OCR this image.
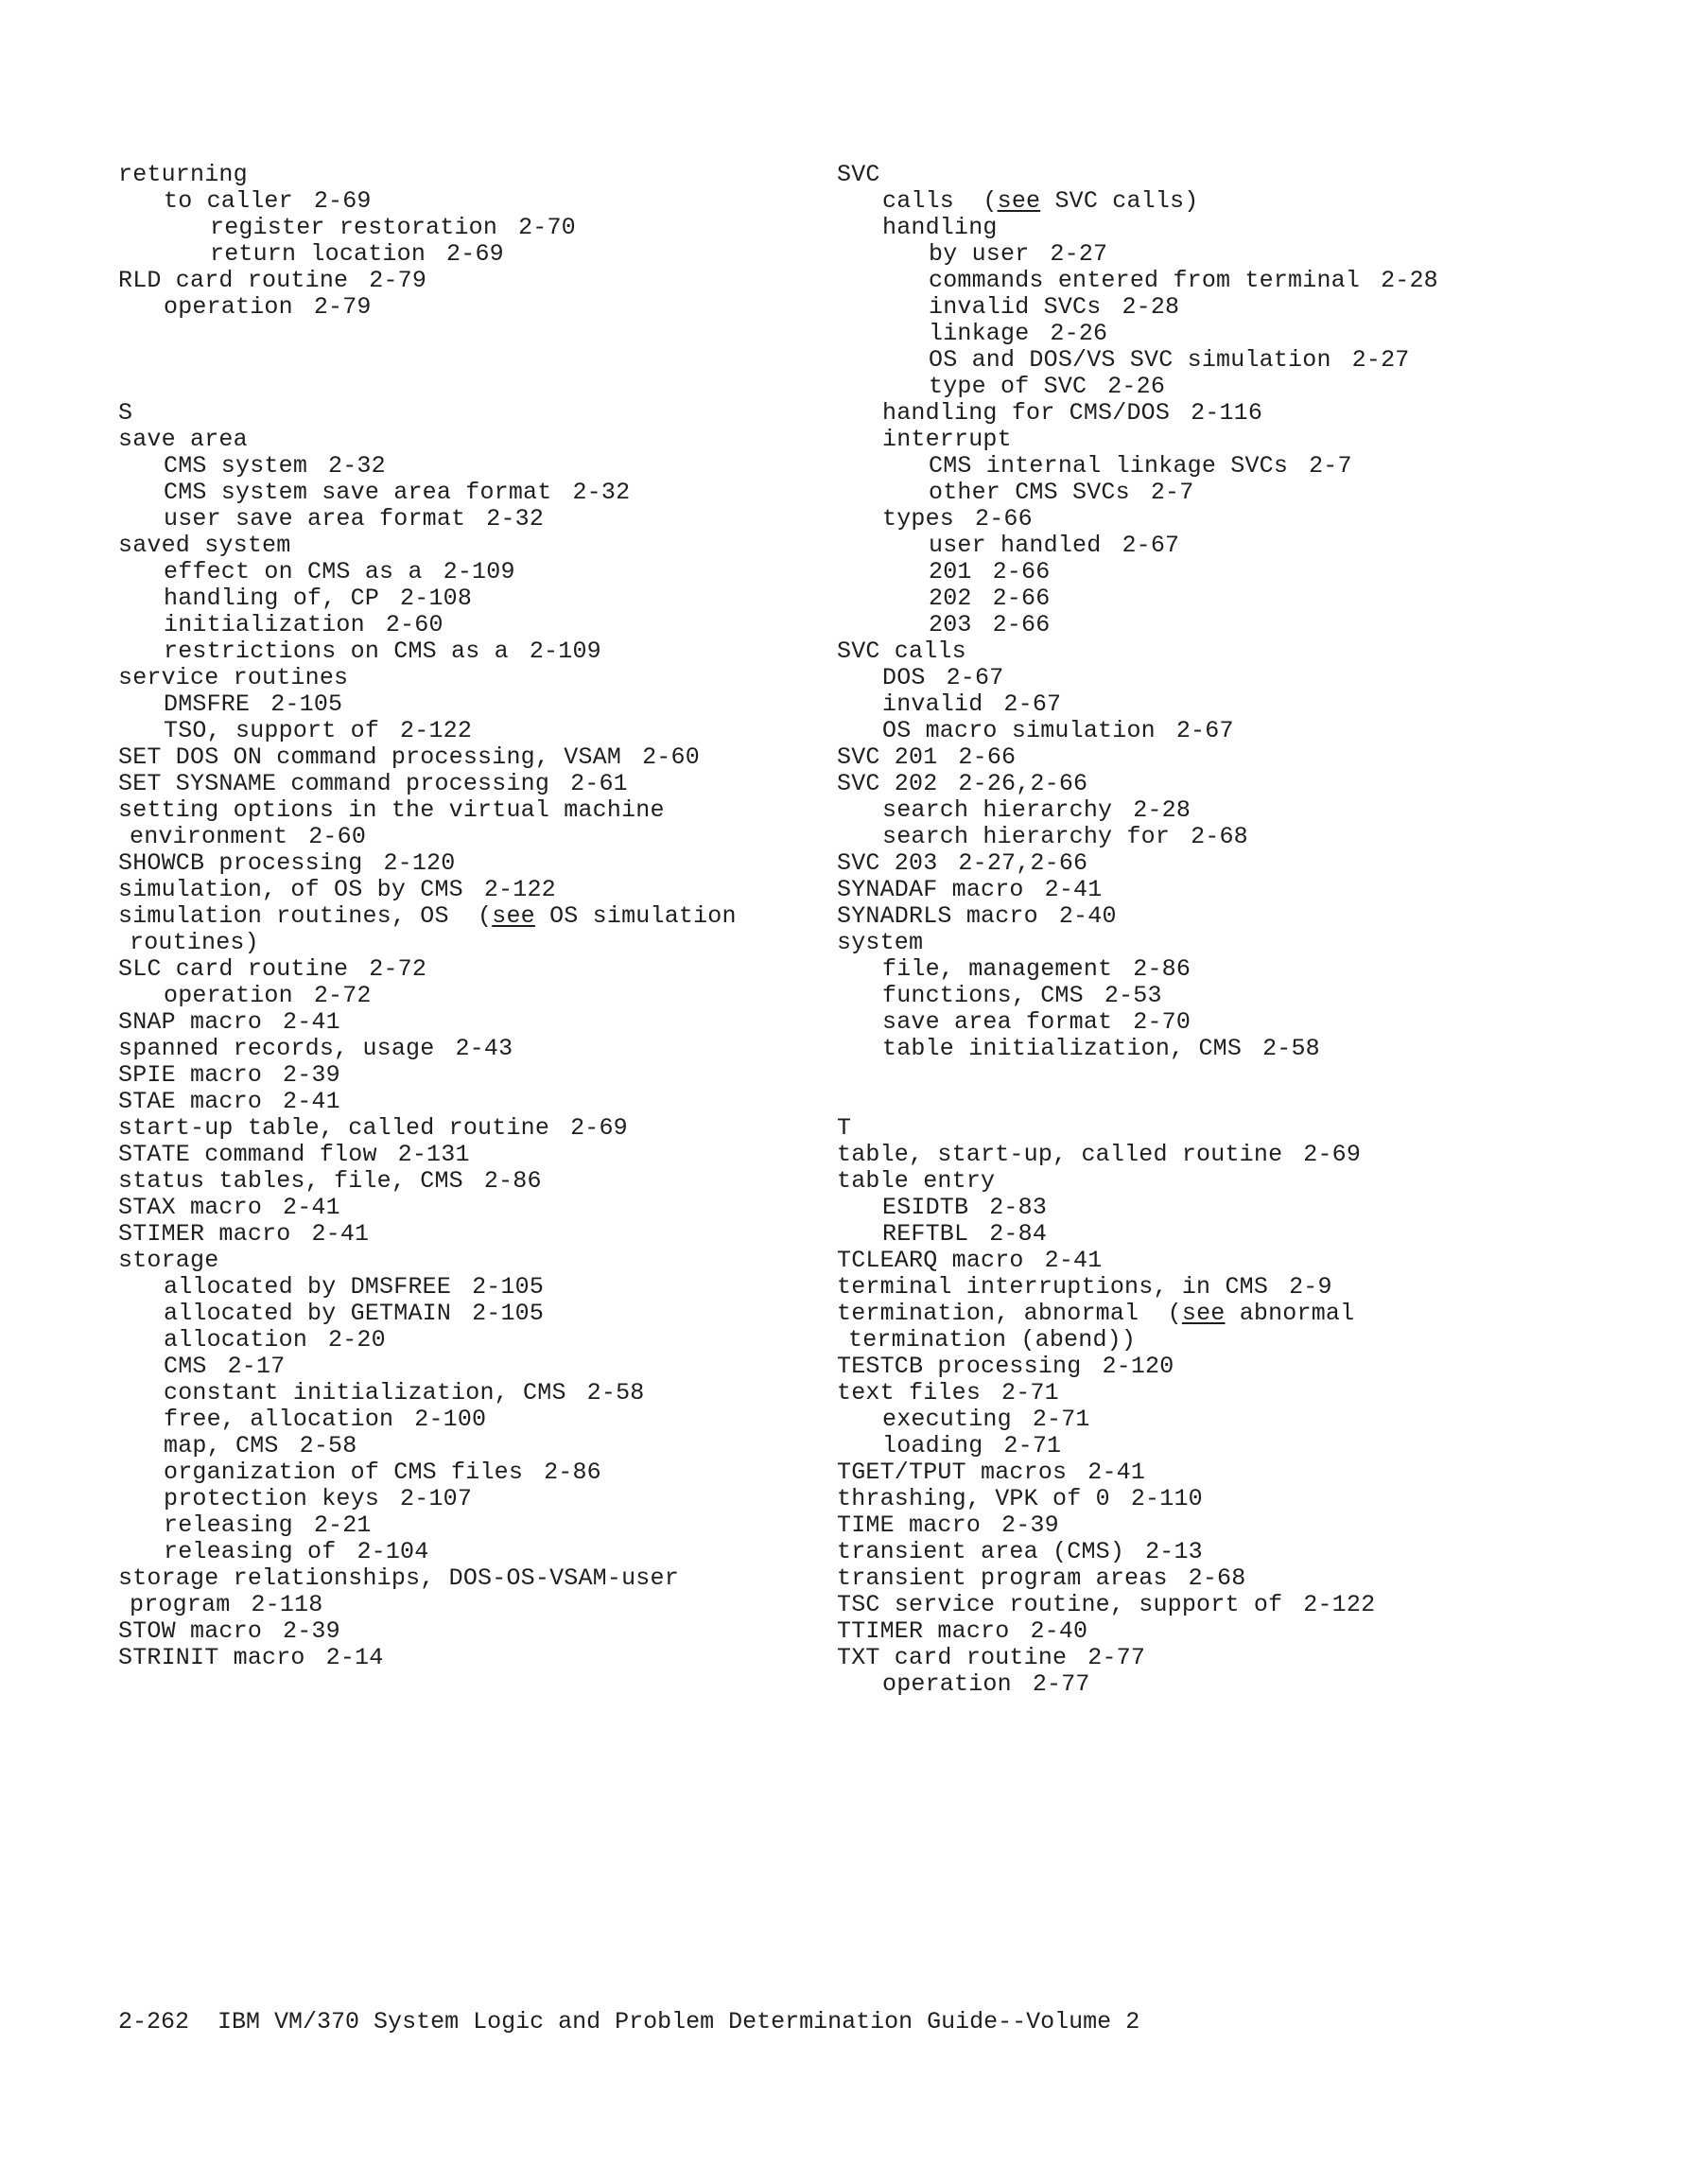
returning
to caller 2-69
register restoration 2-70
return location 2-69
RLD card routine 2-79
operation 2-79
S
save area
CMS system 2-32
CMS system save area format 2-32
user save area format 2-32
saved system
effect on CMS as a 2-109
handling of, CP 2-108
initialization 2-60
restrictions on CMS as a 2-109
service routines
DMSFRE 2-105
TSO, support of 2-122
SET DOS ON command processing, VSAM 2-60
SET SYSNAME command processing 2-61
setting options in the virtual machine
environment 2-60
SHOWCB processing 2-120
simulation, of OS by CMS 2-122
simulation routines, OS  (see OS simulation
routines)
SLC card routine 2-72
operation 2-72
SNAP macro 2-41
spanned records, usage 2-43
SPIE macro 2-39
STAE macro 2-41
start-up table, called routine 2-69
STATE command flow 2-131
status tables, file, CMS 2-86
STAX macro 2-41
STIMER macro 2-41
storage
allocated by DMSFREE 2-105
allocated by GETMAIN 2-105
allocation 2-20
CMS 2-17
constant initialization, CMS 2-58
free, allocation 2-100
map, CMS 2-58
organization of CMS files 2-86
protection keys 2-107
releasing 2-21
releasing of 2-104
storage relationships, DOS-OS-VSAM-user
program 2-118
STOW macro 2-39
STRINIT macro 2-14
SVC
calls  (see SVC calls)
handling
by user 2-27
commands entered from terminal 2-28
invalid SVCs 2-28
linkage 2-26
OS and DOS/VS SVC simulation 2-27
type of SVC 2-26
handling for CMS/DOS 2-116
interrupt
CMS internal linkage SVCs 2-7
other CMS SVCs 2-7
types 2-66
user handled 2-67
201 2-66
202 2-66
203 2-66
SVC calls
DOS 2-67
invalid 2-67
OS macro simulation 2-67
SVC 201 2-66
SVC 202 2-26,2-66
search hierarchy 2-28
search hierarchy for 2-68
SVC 203 2-27,2-66
SYNADAF macro 2-41
SYNADRLS macro 2-40
system
file, management 2-86
functions, CMS 2-53
save area format 2-70
table initialization, CMS 2-58
T
table, start-up, called routine 2-69
table entry
ESIDTB 2-83
REFTBL 2-84
TCLEARQ macro 2-41
terminal interruptions, in CMS 2-9
termination, abnormal  (see abnormal
termination (abend))
TESTCB processing 2-120
text files 2-71
executing 2-71
loading 2-71
TGET/TPUT macros 2-41
thrashing, VPK of 0 2-110
TIME macro 2-39
transient area (CMS) 2-13
transient program areas 2-68
TSC service routine, support of 2-122
TTIMER macro 2-40
TXT card routine 2-77
operation 2-77
2-262 IBM VM/370 System Logic and Problem Determination Guide--Volume 2
